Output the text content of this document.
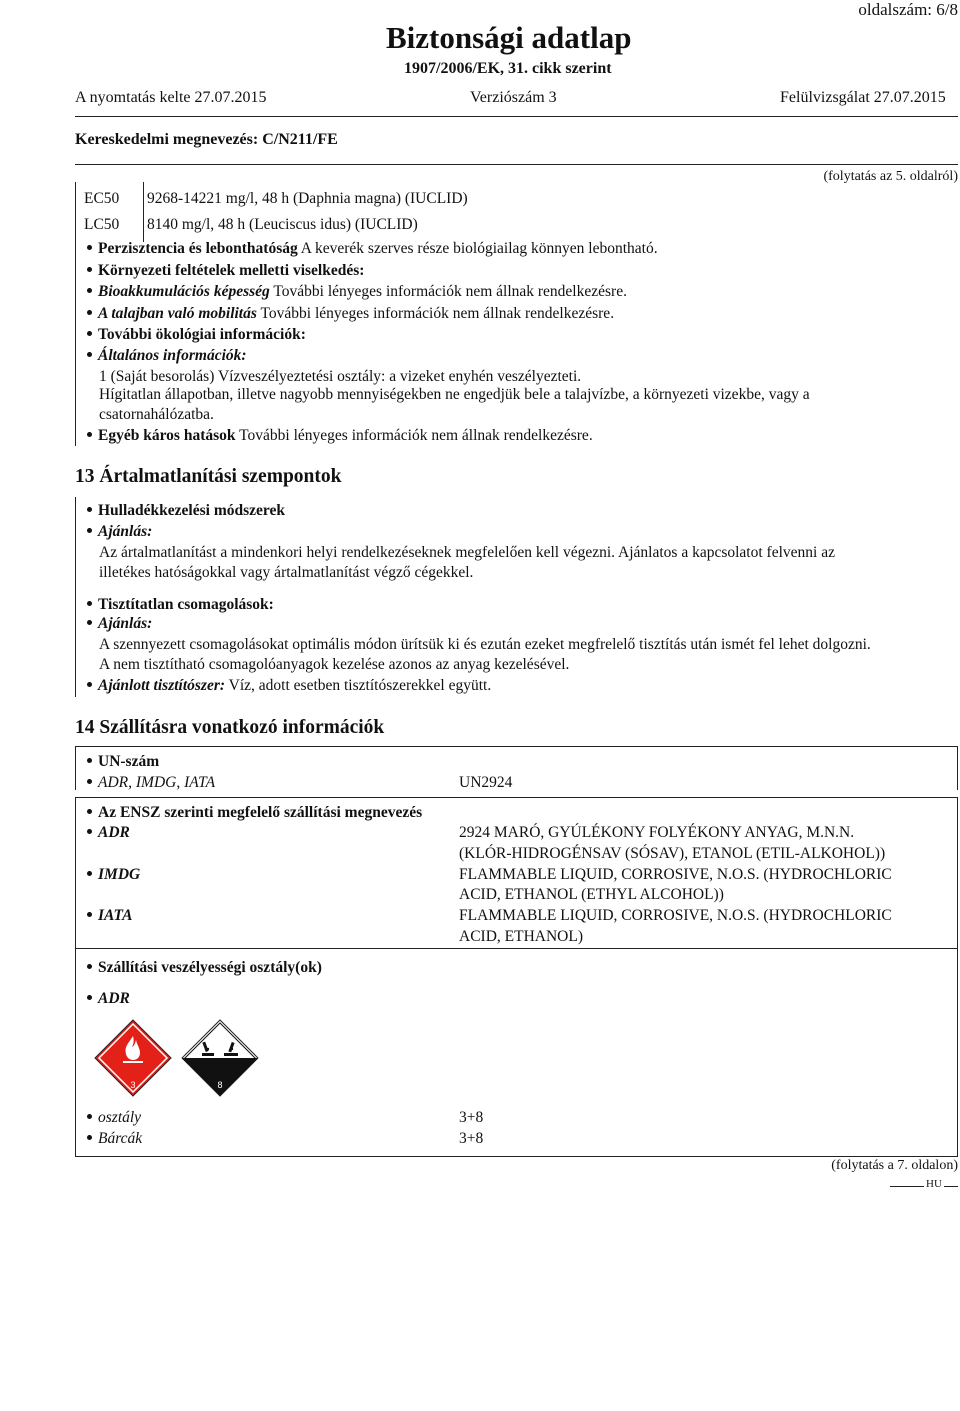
Biztonsági adatlap
1907/2006/EK, 31. cikk szerint
oldalszám: 6/8
A nyomtatás kelte 27.07.2015	Verziószám 3	Felülvizsgálat 27.07.2015
Kereskedelmi megnevezés: C/N211/FE
(folytatás az 5. oldalról)
EC50 9268-14221 mg/l, 48 h (Daphnia magna) (IUCLID)
LC50 8140 mg/l, 48 h (Leuciscus idus) (IUCLID)
Perzisztencia és lebonthatóság A keverék szerves része biológiailag könnyen lebontható.
Környezeti feltételek melletti viselkedés:
Bioakkumulációs képesség További lényeges információk nem állnak rendelkezésre.
A talajban való mobilitás További lényeges információk nem állnak rendelkezésre.
További ökológiai információk:
Általános információk:
1 (Saját besorolás) Vízveszélyeztetési osztály: a vizeket enyhén veszélyezteti.
Hígitatlan állapotban, illetve nagyobb mennyiségekben ne engedjük bele a talajvízbe, a környezeti vizekbe, vagy a
csatornahálózatba.
Egyéb káros hatások További lényeges információk nem állnak rendelkezésre.
13 Ártalmatlanítási szempontok
Hulladékkezelési módszerek
Ajánlás:
Az ártalmatlanítást a mindenkori helyi rendelkezéseknek megfelelően kell végezni. Ajánlatos a kapcsolatot felvenni az
illetékes hatóságokkal vagy ártalmatlanítást végző cégekkel.
Tisztítatlan csomagolások:
Ajánlás:
A szennyezett csomagolásokat optimális módon ürítsük ki és ezután ezeket megfrelelő tisztítás után ismét fel lehet dolgozni.
A nem tisztítható csomagolóanyagok kezelése azonos az anyag kezelésével.
Ajánlott tisztítószer: Víz, adott esetben tisztítószerekkel együtt.
14 Szállításra vonatkozó információk
UN-szám
ADR, IMDG, IATA	UN2924
Az ENSZ szerinti megfelelő szállítási megnevezés
ADR	2924 MARÓ, GYÚLÉKONY FOLYÉKONY ANYAG, M.N.N.
(KLÓR-HIDROGÉNSAV (SÓSAV), ETANOL (ETIL-ALKOHOL))
IMDG	FLAMMABLE LIQUID, CORROSIVE, N.O.S. (HYDROCHLORIC
ACID, ETHANOL (ETHYL ALCOHOL))
IATA	FLAMMABLE LIQUID, CORROSIVE, N.O.S. (HYDROCHLORIC
ACID, ETHANOL)
Szállítási veszélyességi osztály(ok)
ADR
3	8
osztály	3+8
Bárcák	3+8
(folytatás a 7. oldalon)
HU
